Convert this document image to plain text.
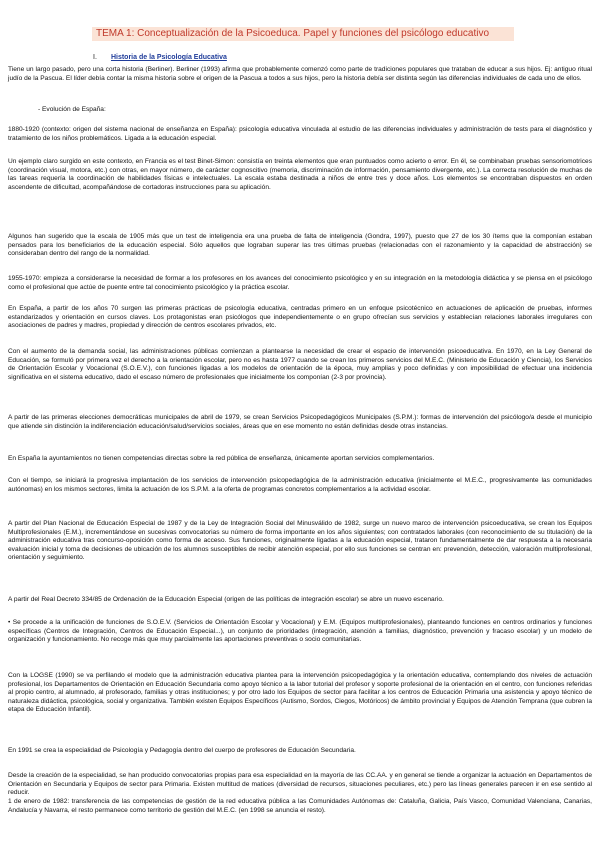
TEMA 1: Conceptualización de la Psicoeduca. Papel y funciones del psicólogo educativo
I. Historia de la Psicología Educativa

Tiene un largo pasado, pero una corta historia (Berliner). Berliner (1993) afirma que probablemente comenzó como parte de tradiciones populares que trataban de educar a sus hijos. Ej: antiguo ritual judío de la Pascua. El líder debía contar la misma historia sobre el origen de la Pascua a todos a sus hijos, pero la historia debía ser distinta según las diferencias individuales de cada uno de ellos.

- Evolución de España:

1880-1920 (contexto: origen del sistema nacional de enseñanza en España): psicología educativa vinculada al estudio de las diferencias individuales y administración de tests para el diagnóstico y tratamiento de los niños problemáticos. Ligada a la educación especial.

Un ejemplo claro surgido en este contexto, en Francia es el test Binet-Simon: consistía en treinta elementos que eran puntuados como acierto o error. En él, se combinaban pruebas sensoriomotrices (coordinación visual, motora, etc.) con otras, en mayor número, de carácter cognoscitivo (memoria, discriminación de información, pensamiento divergente, etc.). La correcta resolución de muchas de las tareas requería la coordinación de habilidades físicas e intelectuales. La escala estaba destinada a niños de entre tres y doce años. Los elementos se encontraban dispuestos en orden ascendente de dificultad, acompañándose de cortadoras instrucciones para su aplicación.

Algunos han sugerido que la escala de 1905 más que un test de inteligencia era una prueba de falta de inteligencia (Gondra, 1997), puesto que 27 de los 30 ítems que la componían estaban pensados para los beneficiarios de la educación especial. Sólo aquellos que lograban superar las tres últimas pruebas (relacionadas con el razonamiento y la capacidad de abstracción) se consideraban dentro del rango de la normalidad.

1955-1970: empieza a considerarse la necesidad de formar a los profesores en los avances del conocimiento psicológico y en su integración en la metodología didáctica y se piensa en el psicólogo como el profesional que actúe de puente entre tal conocimiento psicológico y la práctica escolar.

En España, a partir de los años 70 surgen las primeras prácticas de psicología educativa, centradas primero en un enfoque psicotécnico en actuaciones de aplicación de pruebas, informes estandarizados y orientación en cursos claves. Los protagonistas eran psicólogos que independientemente o en grupo ofrecían sus servicios y establecían relaciones laborales irregulares con asociaciones de padres y madres, propiedad y dirección de centros escolares privados, etc.

Con el aumento de la demanda social, las administraciones públicas comienzan a plantearse la necesidad de crear el espacio de intervención psicoeducativa. En 1970, en la Ley General de Educación, se formuló por primera vez el derecho a la orientación escolar, pero no es hasta 1977 cuando se crean los primeros servicios del M.E.C. (Ministerio de Educación y Ciencia), los Servicios de Orientación Escolar y Vocacional (S.O.E.V.), con funciones ligadas a los modelos de orientación de la época, muy amplias y poco definidas y con imposibilidad de efectuar una incidencia significativa en el sistema educativo, dado el escaso número de profesionales que inicialmente los componían (2-3 por provincia).

A partir de las primeras elecciones democráticas municipales de abril de 1979, se crean Servicios Psicopedagógicos Municipales (S.P.M.): formas de intervención del psicólogo/a desde el municipio que atiende sin distinción la indiferenciación educación/salud/servicios sociales, áreas que en ese momento no están definidas desde otras instancias.

En España la ayuntamientos no tienen competencias directas sobre la red pública de enseñanza, únicamente aportan servicios complementarios.

Con el tiempo, se iniciará la progresiva implantación de los servicios de intervención psicopedagógica de la administración educativa (inicialmente el M.E.C., progresivamente las comunidades autónomas) en los mismos sectores, limita la actuación de los S.P.M. a la oferta de programas concretos complementarios a la actividad escolar.

A partir del Plan Nacional de Educación Especial de 1987 y de la Ley de Integración Social del Minusválido de 1982, surge un nuevo marco de intervención psicoeducativa, se crean los Equipos Multiprofesionales (E.M.), incrementándose en sucesivas convocatorias su número de forma importante en los años siguientes; con contratados laborales (con reconocimiento de su titulación) de la administración educativa tras concurso-oposición como forma de acceso. Sus funciones, originalmente ligadas a la educación especial, trataron fundamentalmente de dar respuesta a la necesaria evaluación inicial y toma de decisiones de ubicación de los alumnos susceptibles de recibir atención especial, por ello sus funciones se centran en: prevención, detección, valoración multiprofesional, orientación y seguimiento.

A partir del Real Decreto 334/85 de Ordenación de la Educación Especial (origen de las políticas de integración escolar) se abre un nuevo escenario.

• Se procede a la unificación de funciones de S.O.E.V. (Servicios de Orientación Escolar y Vocacional) y E.M. (Equipos multiprofesionales), planteando funciones en centros ordinarios y funciones específicas (Centros de Integración, Centros de Educación Especial...), un conjunto de prioridades (integración, atención a familias, diagnóstico, prevención y fracaso escolar) y un modelo de organización y funcionamiento. No recoge más que muy parcialmente las aportaciones preventivas o socio comunitarias.

Con la LOGSE (1990) se va perfilando el modelo que la administración educativa plantea para la intervención psicopedagógica y la orientación educativa, contemplando dos niveles de actuación profesional, los Departamentos de Orientación en Educación Secundaria como apoyo técnico a la labor tutorial del profesor y soporte profesional de la orientación en el centro, con funciones referidas al propio centro, al alumnado, al profesorado, familias y otras instituciones; y por otro lado los Equipos de sector para facilitar a los centros de Educación Primaria una asistencia y apoyo técnico de naturaleza didáctica, psicológica, social y organizativa. También existen Equipos Específicos (Autismo, Sordos, Ciegos, Motóricos) de ámbito provincial y Equipos de Atención Temprana (que cubren la etapa de Educación Infantil).

En 1991 se crea la especialidad de Psicología y Pedagogía dentro del cuerpo de profesores de Educación Secundaria.

Desde la creación de la especialidad, se han producido convocatorias propias para esa especialidad en la mayoría de las CC.AA. y en general se tiende a organizar la actuación en Departamentos de Orientación en Secundaria y Equipos de sector para Primaria. Existen multitud de matices (diversidad de recursos, situaciones peculiares, etc.) pero las líneas generales parecen ir en ese sentido al reducir.

1 de enero de 1982: transferencia de las competencias de gestión de la red educativa pública a las Comunidades Autónomas de: Cataluña, Galicia, País Vasco, Comunidad Valenciana, Canarias, Andalucía y Navarra, el resto permanece como territorio de gestión del M.E.C. (en 1998 se anuncia el resto).
